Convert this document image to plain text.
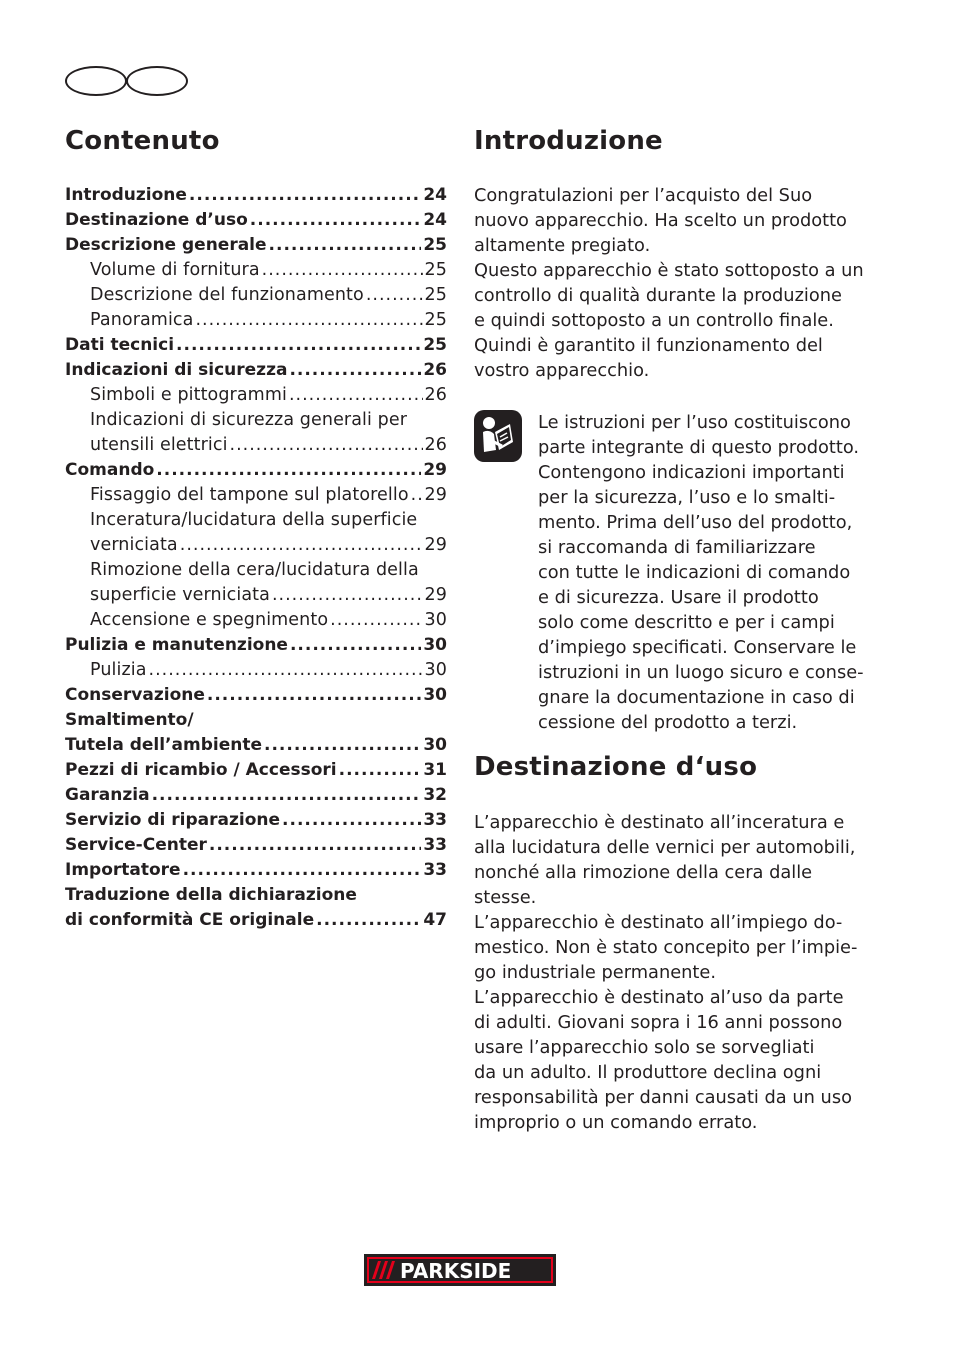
Contenuto
Introduzione .....	24
Destinazione d’uso .....	24
Descrizione generale .....	25
Volume di fornitura .....	25
Descrizione del funzionamento .....	25
Panoramica .....	25
Dati tecnici .....	25
Indicazioni di sicurezza .....	26
Simboli e pittogrammi .....	26
Indicazioni di sicurezza generali per
utensili elettrici .....	26
Comando .....	29
Fissaggio del tampone sul platorello ..... 29
Inceratura/lucidatura della superficie
verniciata .....	29
Rimozione della cera/lucidatura della
superficie verniciata .....	29
Accensione e spegnimento .....	30
Pulizia e manutenzione .....	30
Pulizia .....	30
Conservazione .....	30
Smaltimento/
Tutela dell’ambiente .....	30
Pezzi di ricambio / Accessori .....	31
Garanzia .....	32
Servizio di riparazione .....	33
Service-Center .....	33
Importatore .....	33
Traduzione della dichiarazione
di conformità CE originale .....	47
Introduzione

Congratulazioni per l’acquisto del Suo
nuovo apparecchio. Ha scelto un prodotto
altamente pregiato.
Questo apparecchio è stato sottoposto a un
controllo di qualità durante la produzione
e quindi sottoposto a un controllo finale.
Quindi è garantito il funzionamento del
vostro apparecchio.

Le istruzioni per l’uso costituiscono
parte integrante di questo prodotto.
Contengono indicazioni importanti
per la sicurezza, l’uso e lo smalti-
mento. Prima dell’uso del prodotto,
si raccomanda di familiarizzare
con tutte le indicazioni di comando
e di sicurezza. Usare il prodotto
solo come descritto e per i campi
d’impiego specificati. Conservare le
istruzioni in un luogo sicuro e conse-
gnare la documentazione in caso di
cessione del prodotto a terzi.

Destinazione d‘uso

L’apparecchio è destinato all’inceratura e
alla lucidatura delle vernici per automobili,
nonché alla rimozione della cera dalle
stesse.
L’apparecchio è destinato all’impiego do-
mestico. Non è stato concepito per l’impie-
go industriale permanente.
L’apparecchio è destinato al’uso da parte
di adulti. Giovani sopra i 16 anni possono
usare l’apparecchio solo se sorvegliati
da un adulto. Il produttore declina ogni
responsabilità per danni causati da un uso
improprio o un comando errato.

PARKSIDE
